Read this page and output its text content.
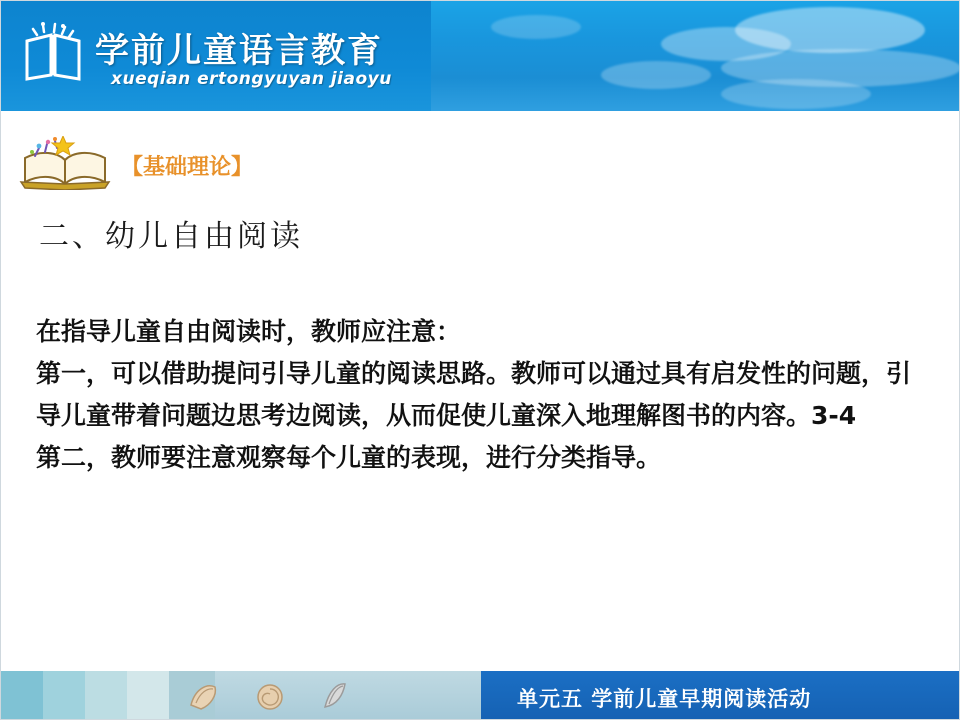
学前儿童语言教育
xueqian ertongyuyan jiaoyu
【基础理论】
二、幼儿自由阅读

在指导儿童自由阅读时，教师应注意：

第一，可以借助提问引导儿童的阅读思路。教师可以通过具有启发性的问题，引导儿童带着问题边思考边阅读，从而促使儿童深入地理解图书的内容。3-4

第二，教师要注意观察每个儿童的表现，进行分类指导。

单元五 学前儿童早期阅读活动
